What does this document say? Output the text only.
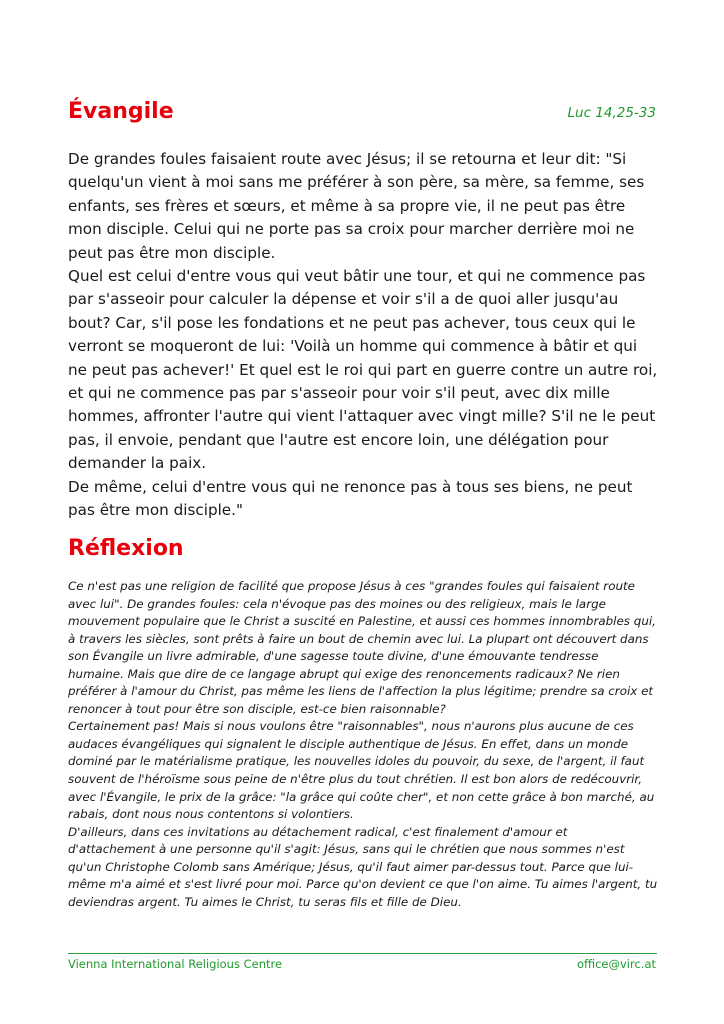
Évangile	Luc 14,25-33

De grandes foules faisaient route avec Jésus; il se retourna et leur dit: "Si quelqu'un vient à moi sans me préférer à son père, sa mère, sa femme, ses enfants, ses frères et sœurs, et même à sa propre vie, il ne peut pas être mon disciple. Celui qui ne porte pas sa croix pour marcher derrière moi ne peut pas être mon disciple.

Quel est celui d'entre vous qui veut bâtir une tour, et qui ne commence pas par s'asseoir pour calculer la dépense et voir s'il a de quoi aller jusqu'au bout? Car, s'il pose les fondations et ne peut pas achever, tous ceux qui le verront se moqueront de lui: 'Voilà un homme qui commence à bâtir et qui ne peut pas achever!' Et quel est le roi qui part en guerre contre un autre roi, et qui ne commence pas par s'asseoir pour voir s'il peut, avec dix mille hommes, affronter l'autre qui vient l'attaquer avec vingt mille? S'il ne le peut pas, il envoie, pendant que l'autre est encore loin, une délégation pour demander la paix.

De même, celui d'entre vous qui ne renonce pas à tous ses biens, ne peut pas être mon disciple."

Réflexion

Ce n'est pas une religion de facilité que propose Jésus à ces "grandes foules qui faisaient route avec lui". De grandes foules: cela n'évoque pas des moines ou des religieux, mais le large mouvement populaire que le Christ a suscité en Palestine, et aussi ces hommes innombrables qui, à travers les siècles, sont prêts à faire un bout de chemin avec lui. La plupart ont découvert dans son Évangile un livre admirable, d'une sagesse toute divine, d'une émouvante tendresse humaine. Mais que dire de ce langage abrupt qui exige des renoncements radicaux? Ne rien préférer à l'amour du Christ, pas même les liens de l'affection la plus légitime; prendre sa croix et renoncer à tout pour être son disciple, est-ce bien raisonnable?

Certainement pas! Mais si nous voulons être "raisonnables", nous n'aurons plus aucune de ces audaces évangéliques qui signalent le disciple authentique de Jésus. En effet, dans un monde dominé par le matérialisme pratique, les nouvelles idoles du pouvoir, du sexe, de l'argent, il faut souvent de l'héroïsme sous peine de n'être plus du tout chrétien. Il est bon alors de redécouvrir, avec l'Évangile, le prix de la grâce: "la grâce qui coûte cher", et non cette grâce à bon marché, au rabais, dont nous nous contentons si volontiers.

D'ailleurs, dans ces invitations au détachement radical, c'est finalement d'amour et d'attachement à une personne qu'il s'agit: Jésus, sans qui le chrétien que nous sommes n'est qu'un Christophe Colomb sans Amérique; Jésus, qu'il faut aimer par-dessus tout. Parce que lui-même m'a aimé et s'est livré pour moi. Parce qu'on devient ce que l'on aime. Tu aimes l'argent, tu deviendras argent. Tu aimes le Christ, tu seras fils et fille de Dieu.

Vienna International Religious Centre	office@virc.at
